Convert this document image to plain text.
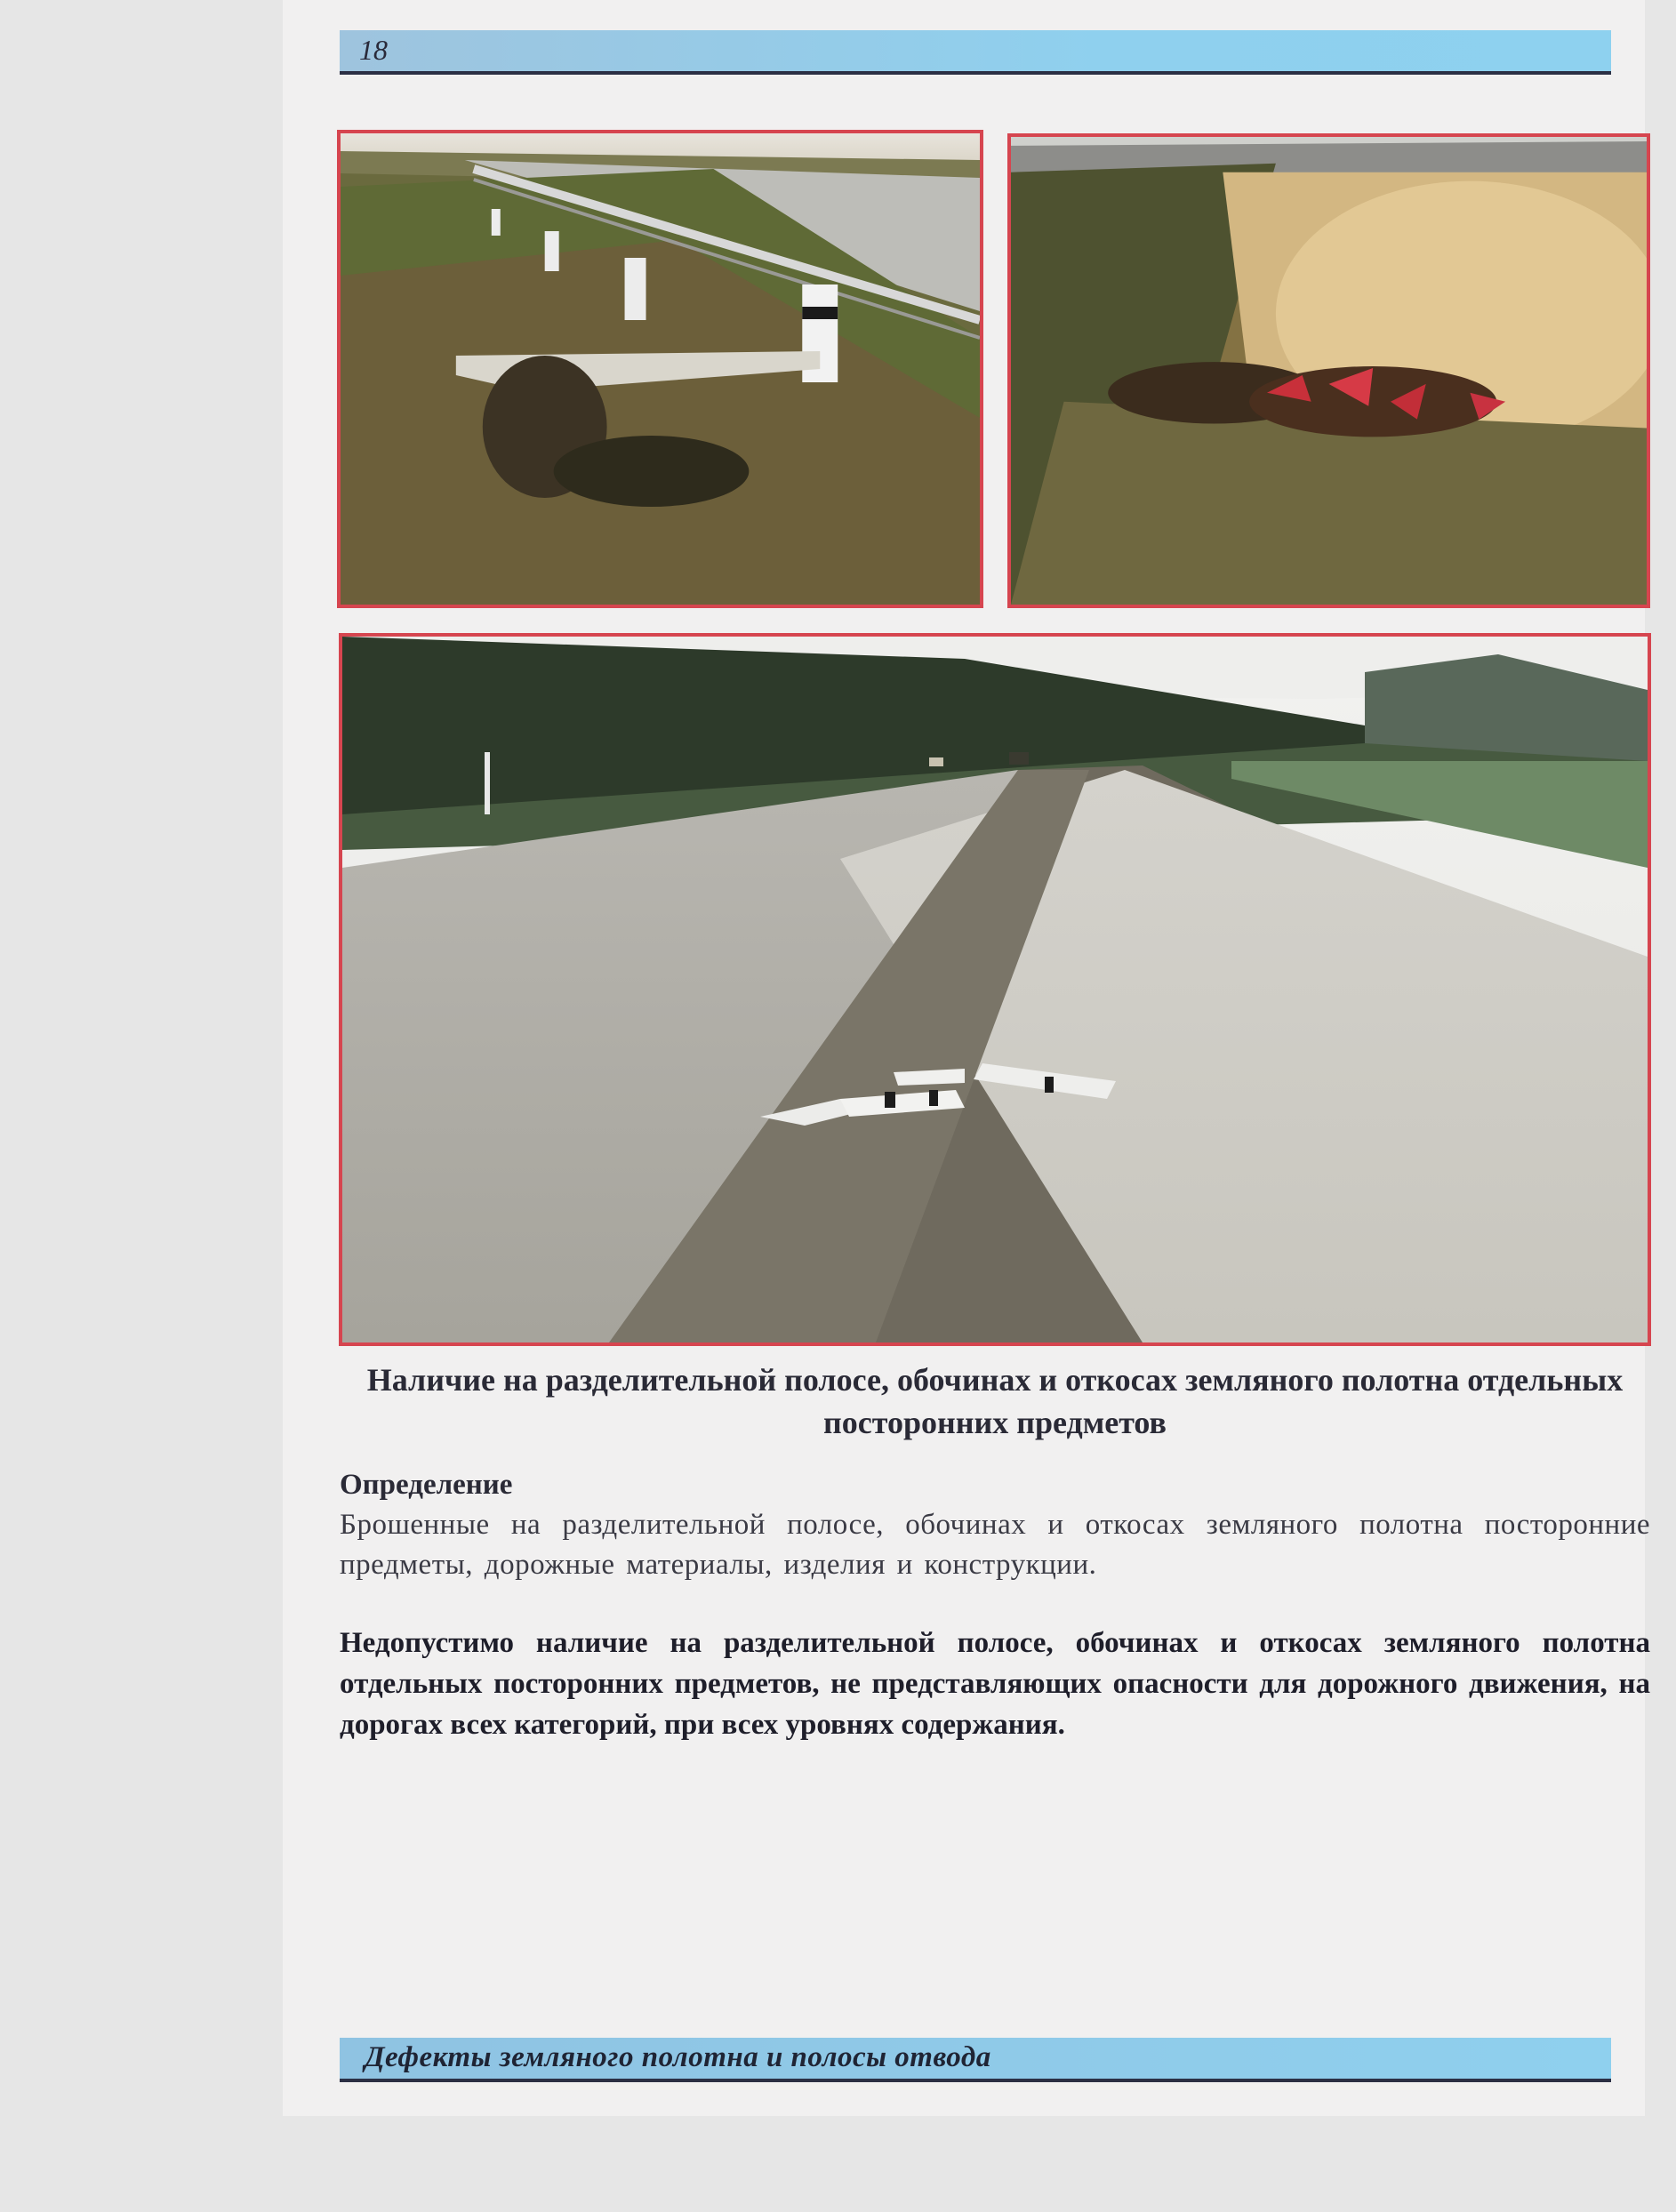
18
Наличие на разделительной полосе, обочинах и откосах земляного полотна отдельных посторонних предметов
Определение
Брошенные на разделительной полосе, обочинах и откосах земляного полотна посторонние предметы, дорожные материалы, изделия и конструкции.
Недопустимо наличие на разделительной полосе, обочинах и откосах земляного полотна отдельных посторонних предметов, не представляющих опасности для дорожного движения, на дорогах всех категорий, при всех уровнях содержания.
Дефекты земляного полотна и полосы отвода
